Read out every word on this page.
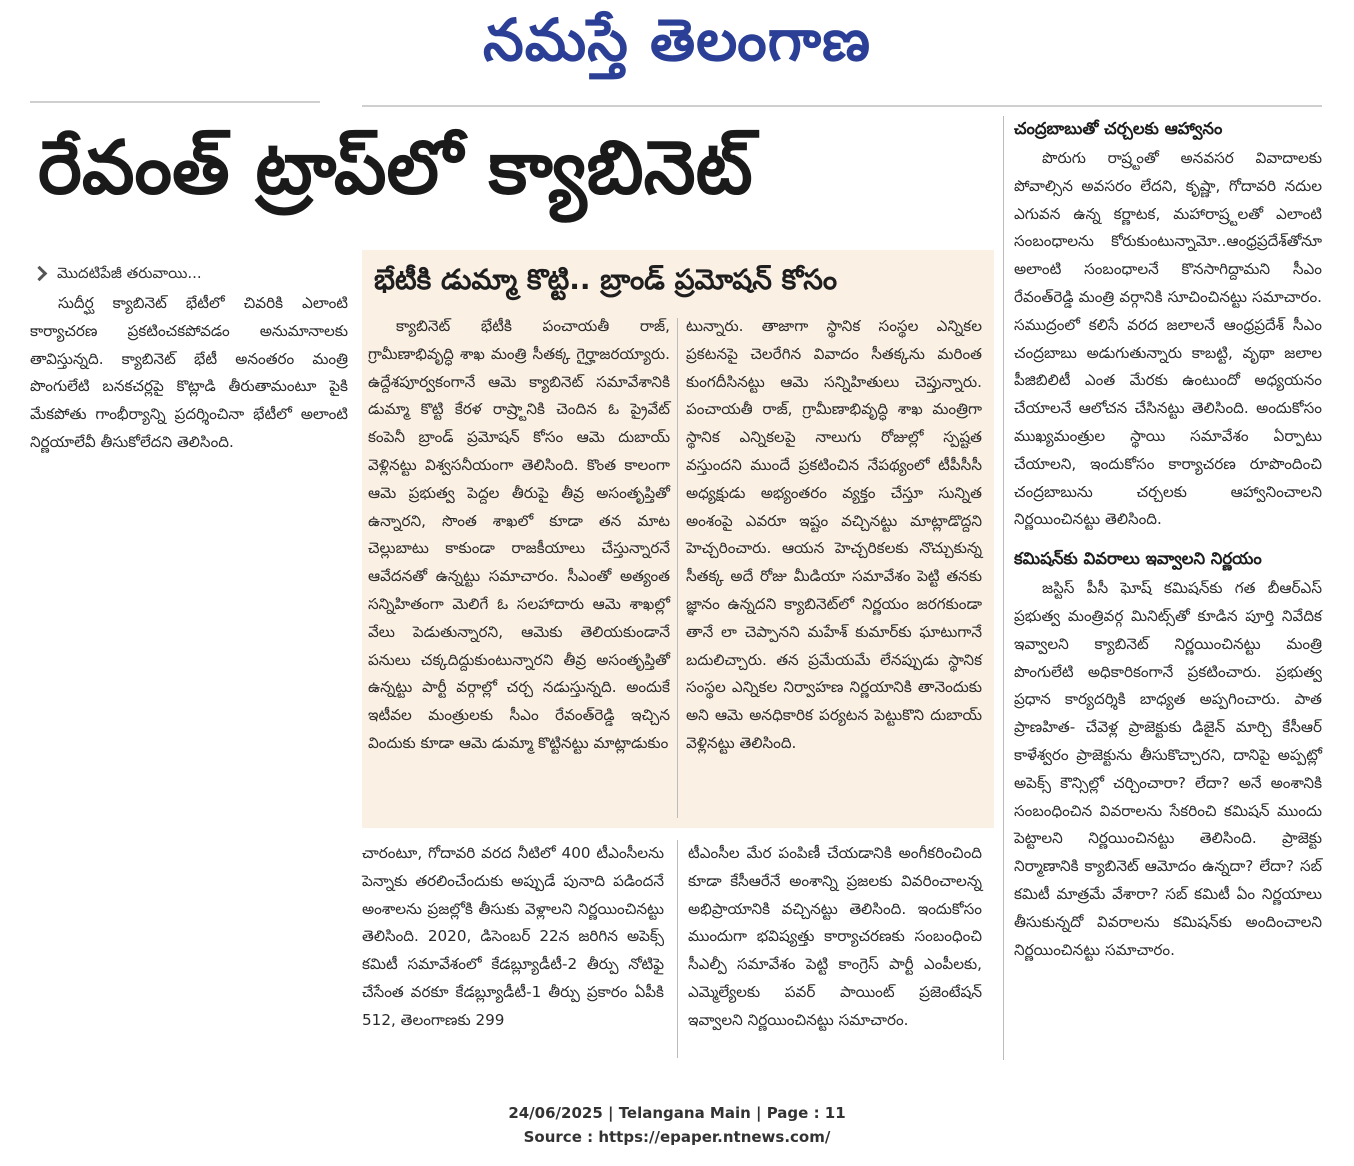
నమస్తే తెలంగాణ
రేవంత్ ట్రాప్‌లో క్యాబినెట్
మొదటిపేజీ తరువాయి...

సుదీర్ఘ క్యాబినెట్ భేటీలో చివరికి ఎలాంటి కార్యాచరణ ప్రకటించకపోవడం అనుమానాలకు తావిస్తున్నది. క్యాబినెట్ భేటీ అనంతరం మంత్రి పొంగులేటి బనకచర్లపై కొట్లాడి తీరుతామంటూ పైకి మేకపోతు గాంభీర్యాన్ని ప్రదర్శించినా భేటీలో అలాంటి నిర్ణయాలేవీ తీసుకోలేదని తెలిసింది.

భేటీకి డుమ్మా కొట్టి.. బ్రాండ్ ప్రమోషన్ కోసం

క్యాబినెట్ భేటీకి పంచాయతీ రాజ్, గ్రామీణాభివృద్ధి శాఖ మంత్రి సీతక్క గైర్హాజరయ్యారు. ఉద్దేశపూర్వకంగానే ఆమె క్యాబినెట్ సమావేశానికి డుమ్మా కొట్టి కేరళ రాష్ర్టానికి చెందిన ఓ ప్రైవేట్ కంపెనీ బ్రాండ్ ప్రమోషన్ కోసం ఆమె దుబాయ్ వెళ్లినట్టు విశ్వసనీయంగా తెలిసింది. కొంత కాలంగా ఆమె ప్రభుత్వ పెద్దల తీరుపై తీవ్ర అసంతృప్తితో ఉన్నారని, సొంత శాఖలో కూడా తన మాట చెల్లుబాటు కాకుండా రాజకీయాలు చేస్తున్నారనే ఆవేదనతో ఉన్నట్టు సమాచారం. సీఎంతో అత్యంత సన్నిహితంగా మెలిగే ఓ సలహాదారు ఆమె శాఖల్లో వేలు పెడుతున్నారని, ఆమెకు తెలియకుండానే పనులు చక్కదిద్దుకుంటున్నారని తీవ్ర అసంతృప్తితో ఉన్నట్టు పార్టీ వర్గాల్లో చర్చ నడుస్తున్నది. అందుకే ఇటీవల మంత్రులకు సీఎం రేవంత్‌రెడ్డి ఇచ్చిన విందుకు కూడా ఆమె డుమ్మా కొట్టినట్టు మాట్లాడుకుం

టున్నారు. తాజాగా స్థానిక సంస్థల ఎన్నికల ప్రకటనపై చెలరేగిన వివాదం సీతక్కను మరింత కుంగదీసినట్టు ఆమె సన్నిహితులు చెప్తున్నారు. పంచాయతీ రాజ్, గ్రామీణాభివృద్ధి శాఖ మంత్రిగా స్థానిక ఎన్నికలపై నాలుగు రోజుల్లో స్పష్టత వస్తుందని ముందే ప్రకటించిన నేపథ్యంలో టీపీసీసీ అధ్యక్షుడు అభ్యంతరం వ్యక్తం చేస్తూ సున్నిత అంశంపై ఎవరూ ఇష్టం వచ్చినట్టు మాట్లాడొద్దని హెచ్చరించారు. ఆయన హెచ్చరికలకు నొచ్చుకున్న సీతక్క అదే రోజు మీడియా సమావేశం పెట్టి తనకు జ్ఞానం ఉన్నదని క్యాబినెట్‌లో నిర్ణయం జరగకుండా తానే లా చెప్పానని మహేశ్ కుమార్‌కు ఘాటుగానే బదులిచ్చారు. తన ప్రమేయమే లేనప్పుడు స్థానిక సంస్థల ఎన్నికల నిర్వాహణ నిర్ణయానికి తానెందుకు అని ఆమె అనధికారిక పర్యటన పెట్టుకొని దుబాయ్ వెళ్లినట్టు తెలిసింది.

చారంటూ, గోదావరి వరద నీటిలో 400 టీఎంసీలను పెన్నాకు తరలించేందుకు అప్పుడే పునాది పడిందనే అంశాలను ప్రజల్లోకి తీసుకు వెళ్లాలని నిర్ణయించినట్టు తెలిసింది. 2020, డిసెంబర్ 22న జరిగిన అపెక్స్ కమిటీ సమావేశంలో కేడబ్ల్యూడీటీ-2 తీర్పు నోటిఫై చేసేంత వరకూ కేడబ్ల్యూడీటీ-1 తీర్పు ప్రకారం ఏపీకి 512, తెలంగాణకు 299

టీఎంసీల మేర పంపిణీ చేయడానికి అంగీకరించింది కూడా కేసీఆరేనే అంశాన్ని ప్రజలకు వివరించాలన్న అభిప్రాయానికి వచ్చినట్టు తెలిసింది. ఇందుకోసం ముందుగా భవిష్యత్తు కార్యాచరణకు సంబంధించి సీఎల్పీ సమావేశం పెట్టి కాంగ్రెస్ పార్టీ ఎంపీలకు, ఎమ్మెల్యేలకు పవర్ పాయింట్ ప్రజెంటేషన్ ఇవ్వాలని నిర్ణయించినట్టు సమాచారం.

చంద్రబాబుతో చర్చలకు ఆహ్వానం

పొరుగు రాష్ర్టంతో అనవసర వివాదాలకు పోవాల్సిన అవసరం లేదని, కృష్ణా, గోదావరి నదుల ఎగువన ఉన్న కర్ణాటక, మహారాష్ర్టలతో ఎలాంటి సంబంధాలను కోరుకుంటున్నామో..ఆంధ్రప్రదేశ్‌తోనూ అలాంటి సంబంధాలనే కొనసాగిద్దామని సీఎం రేవంత్‌రెడ్డి మంత్రి వర్గానికి సూచించినట్టు సమాచారం. సముద్రంలో కలిసే వరద జలాలనే ఆంధ్రప్రదేశ్ సీఎం చంద్రబాబు అడుగుతున్నారు కాబట్టి, వృథా జలాల పీజిబిలిటీ ఎంత మేరకు ఉంటుందో అధ్యయనం చేయాలనే ఆలోచన చేసినట్టు తెలిసింది. అందుకోసం ముఖ్యమంత్రుల స్థాయి సమావేశం ఏర్పాటు చేయాలని, ఇందుకోసం కార్యాచరణ రూపొందించి చంద్రబాబును చర్చలకు ఆహ్వానించాలని నిర్ణయించినట్టు తెలిసింది.

కమిషన్‌కు వివరాలు ఇవ్వాలని నిర్ణయం

జస్టిస్ పీసీ ఘోష్ కమిషన్‌కు గత బీఆర్‌ఎస్ ప్రభుత్వ మంత్రివర్గ మినిట్స్‌తో కూడిన పూర్తి నివేదిక ఇవ్వాలని క్యాబినెట్ నిర్ణయించినట్టు మంత్రి పొంగులేటి అధికారికంగానే ప్రకటించారు. ప్రభుత్వ ప్రధాన కార్యదర్శికి బాధ్యత అప్పగించారు. పాత ప్రాణహిత- చేవెళ్ల ప్రాజెక్టుకు డిజైన్ మార్చి కేసీఆర్ కాళేశ్వరం ప్రాజెక్టును తీసుకొచ్చారని, దానిపై అప్పట్లో అపెక్స్ కౌన్సిల్లో చర్చించారా? లేదా? అనే అంశానికి సంబంధించిన వివరాలను సేకరించి కమిషన్ ముందు పెట్టాలని నిర్ణయించినట్టు తెలిసింది. ప్రాజెక్టు నిర్మాణానికి క్యాబినెట్ ఆమోదం ఉన్నదా? లేదా? సబ్ కమిటీ మాత్రమే వేశారా? సబ్ కమిటీ ఏం నిర్ణయాలు తీసుకున్నదో వివరాలను కమిషన్‌కు అందించాలని నిర్ణయించినట్టు సమాచారం.

24/06/2025 | Telangana Main | Page : 11
Source : https://epaper.ntnews.com/
